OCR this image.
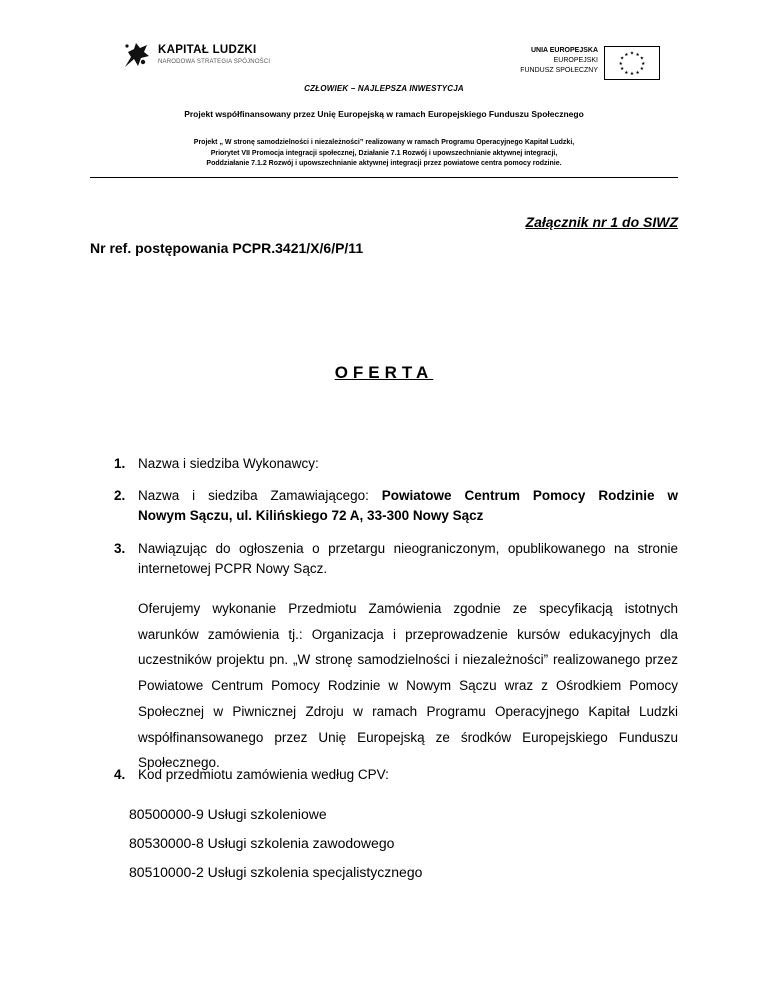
KAPITAŁ LUDZKI
NARODOWA STRATEGIA SPÓJNOŚCI
UNIA EUROPEJSKA
EUROPEJSKI
FUNDUSZ SPOŁECZNY
★ ★
★
★
★
★
★
★
★
★
★
★
CZŁOWIEK – NAJLEPSZA INWESTYCJA
Projekt współfinansowany przez Unię Europejską w ramach Europejskiego Funduszu Społecznego
Projekt „ W stronę samodzielności i niezależności” realizowany w ramach Programu Operacyjnego Kapitał Ludzki,
Priorytet VII Promocja integracji społecznej, Działanie 7.1 Rozwój i upowszechnianie aktywnej integracji,
Poddziałanie 7.1.2 Rozwój i upowszechnianie aktywnej integracji przez powiatowe centra pomocy rodzinie.
Załącznik nr 1 do SIWZ
Nr ref. postępowania PCPR.3421/X/6/P/11
OFERTA
1. Nazwa i siedziba Wykonawcy:
2. Nazwa i siedziba Zamawiającego: Powiatowe Centrum Pomocy Rodzinie w
Nowym Sączu, ul. Kilińskiego 72 A, 33-300 Nowy Sącz
3. Nawiązując do ogłoszenia o przetargu nieograniczonym, opublikowanego na stronie
internetowej PCPR Nowy Sącz.
Oferujemy wykonanie Przedmiotu Zamówienia zgodnie ze specyfikacją istotnych warunków zamówienia tj.: Organizacja i przeprowadzenie kursów edukacyjnych dla uczestników projektu pn. „W stronę samodzielności i niezależności” realizowanego przez Powiatowe Centrum Pomocy Rodzinie w Nowym Sączu wraz z Ośrodkiem Pomocy Społecznej w Piwnicznej Zdroju w ramach Programu Operacyjnego Kapitał Ludzki współfinansowanego przez Unię Europejską ze środków Europejskiego Funduszu Społecznego.
4. Kod przedmiotu zamówienia według CPV:
80500000-9 Usługi szkoleniowe
80530000-8 Usługi szkolenia zawodowego
80510000-2 Usługi szkolenia specjalistycznego
